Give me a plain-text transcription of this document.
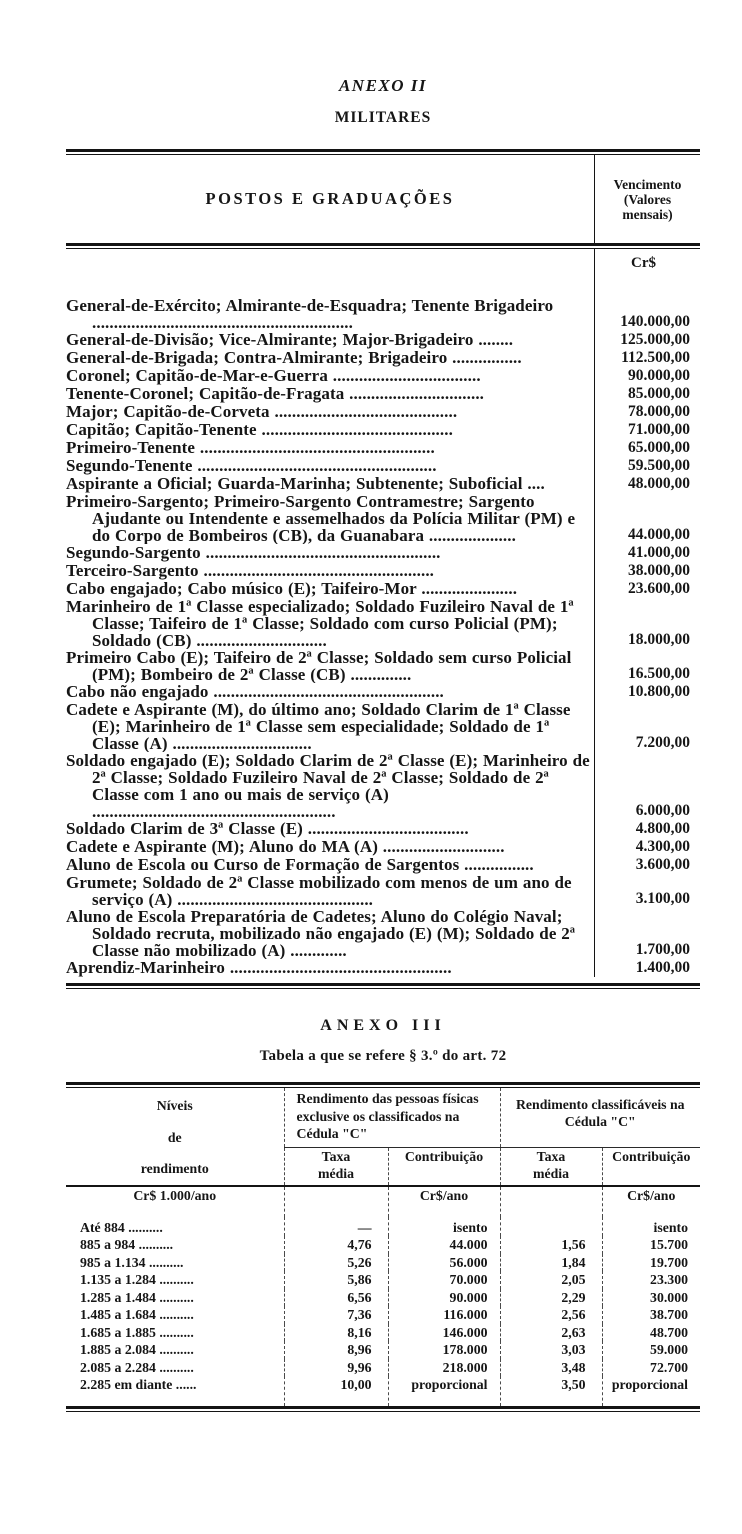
ANEXO II
MILITARES
POSTOS E GRADUAÇÕES
Vencimento (Valores mensais)
Cr$
General-de-Exército; Almirante-de-Esquadra; Tenente Brigadeiro ............................................................	140.000,00
General-de-Divisão; Vice-Almirante; Major-Brigadeiro ........	125.000,00
General-de-Brigada; Contra-Almirante; Brigadeiro ................	112.500,00
Coronel; Capitão-de-Mar-e-Guerra ..................................	90.000,00
Tenente-Coronel; Capitão-de-Fragata ...............................	85.000,00
Major; Capitão-de-Corveta ..........................................	78.000,00
Capitão; Capitão-Tenente ............................................	71.000,00
Primeiro-Tenente ......................................................	65.000,00
Segundo-Tenente .......................................................	59.500,00
Aspirante a Oficial; Guarda-Marinha; Subtenente; Suboficial ....	48.000,00
Primeiro-Sargento; Primeiro-Sargento Contramestre; Sargento Ajudante ou Intendente e assemelhados da Polícia Militar (PM) e do Corpo de Bombeiros (CB), da Guanabara ....................	44.000,00
Segundo-Sargento ......................................................	41.000,00
Terceiro-Sargento .....................................................	38.000,00
Cabo engajado; Cabo músico (E); Taifeiro-Mor ......................	23.600,00
Marinheiro de 1ª Classe especializado; Soldado Fuzileiro Naval de 1ª Classe; Taifeiro de 1ª Classe; Soldado com curso Policial (PM); Soldado (CB) ..............................	18.000,00
Primeiro Cabo (E); Taifeiro de 2ª Classe; Soldado sem curso Policial (PM); Bombeiro de 2ª Classe (CB) ..............	16.500,00
Cabo não engajado .....................................................	10.800,00
Cadete e Aspirante (M), do último ano; Soldado Clarim de 1ª Classe (E); Marinheiro de 1ª Classe sem especialidade; Soldado de 1ª Classe (A) ................................	7.200,00
Soldado engajado (E); Soldado Clarim de 2ª Classe (E); Marinheiro de 2ª Classe; Soldado Fuzileiro Naval de 2ª Classe; Soldado de 2ª Classe com 1 ano ou mais de serviço (A) ........................................................	6.000,00
Soldado Clarim de 3ª Classe (E) .....................................	4.800,00
Cadete e Aspirante (M); Aluno do MA (A) ............................	4.300,00
Aluno de Escola ou Curso de Formação de Sargentos ................	3.600,00
Grumete; Soldado de 2ª Classe mobilizado com menos de um ano de serviço (A) .............................................	3.100,00
Aluno de Escola Preparatória de Cadetes; Aluno do Colégio Naval; Soldado recruta, mobilizado não engajado (E) (M); Soldado de 2ª Classe não mobilizado (A) .............	1.700,00
Aprendiz-Marinheiro ...................................................	1.400,00
ANEXO III
Tabela a que se refere § 3.º do art. 72
Níveis de rendimento	Rendimento das pessoas físicas exclusive os classificados na Cédula "C"		Rendimento classificáveis na Cédula "C"	
	Taxa média	Contribuição	Taxa média	Contribuição
Cr$ 1.000/ano		Cr$/ano		Cr$/ano
Até 884 ..........	—	isento		isento
885 a 984 ..........	4,76	44.000	1,56	15.700
985 a 1.134 ..........	5,26	56.000	1,84	19.700
1.135 a 1.284 ..........	5,86	70.000	2,05	23.300
1.285 a 1.484 ..........	6,56	90.000	2,29	30.000
1.485 a 1.684 ..........	7,36	116.000	2,56	38.700
1.685 a 1.885 ..........	8,16	146.000	2,63	48.700
1.885 a 2.084 ..........	8,96	178.000	3,03	59.000
2.085 a 2.284 ..........	9,96	218.000	3,48	72.700
2.285 em diante ......	10,00	proporcional	3,50	proporcional
